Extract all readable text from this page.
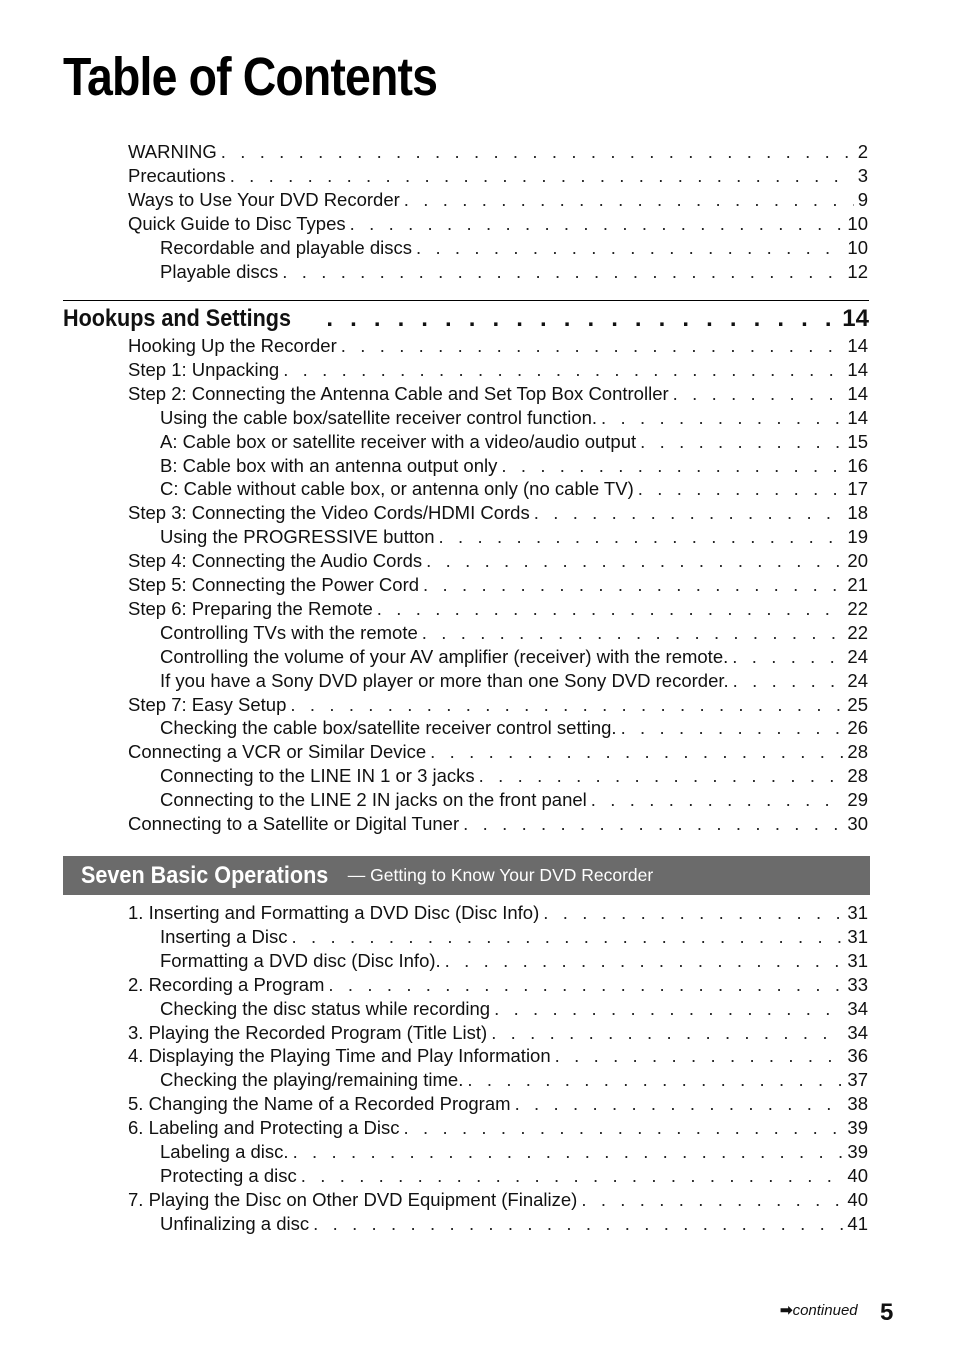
Table of Contents
WARNING . . .	2
Precautions . . .	3
Ways to Use Your DVD Recorder . . .	9
Quick Guide to Disc Types . . .	10
Recordable and playable discs . . .	10
Playable discs . . .	12
Hookups and Settings . . .	14
Hooking Up the Recorder . . .	14
Step 1: Unpacking . . .	14
Step 2: Connecting the Antenna Cable and Set Top Box Controller . . .	14
Using the cable box/satellite receiver control function. . . .	14
A: Cable box or satellite receiver with a video/audio output . . .	15
B: Cable box with an antenna output only . . .	16
C: Cable without cable box, or antenna only (no cable TV) . . .	17
Step 3: Connecting the Video Cords/HDMI Cords . . .	18
Using the PROGRESSIVE button . . .	19
Step 4: Connecting the Audio Cords . . .	20
Step 5: Connecting the Power Cord . . .	21
Step 6: Preparing the Remote . . .	22
Controlling TVs with the remote . . .	22
Controlling the volume of your AV amplifier (receiver) with the remote. . . .	24
If you have a Sony DVD player or more than one Sony DVD recorder. . . .	24
Step 7: Easy Setup . . .	25
Checking the cable box/satellite receiver control setting. . . .	26
Connecting a VCR or Similar Device . . .	28
Connecting to the LINE IN 1 or 3 jacks . . .	28
Connecting to the LINE 2 IN jacks on the front panel . . .	29
Connecting to a Satellite or Digital Tuner . . .	30
Seven Basic Operations — Getting to Know Your DVD Recorder
1. Inserting and Formatting a DVD Disc (Disc Info) . . .	31
Inserting a Disc . . .	31
Formatting a DVD disc (Disc Info). . . .	31
2. Recording a Program . . .	33
Checking the disc status while recording . . .	34
3. Playing the Recorded Program (Title List) . . .	34
4. Displaying the Playing Time and Play Information . . .	36
Checking the playing/remaining time. . . .	37
5. Changing the Name of a Recorded Program . . .	38
6. Labeling and Protecting a Disc . . .	39
Labeling a disc. . . .	39
Protecting a disc . . .	40
7. Playing the Disc on Other DVD Equipment (Finalize) . . .	40
Unfinalizing a disc . . .	41
➡continued 5
